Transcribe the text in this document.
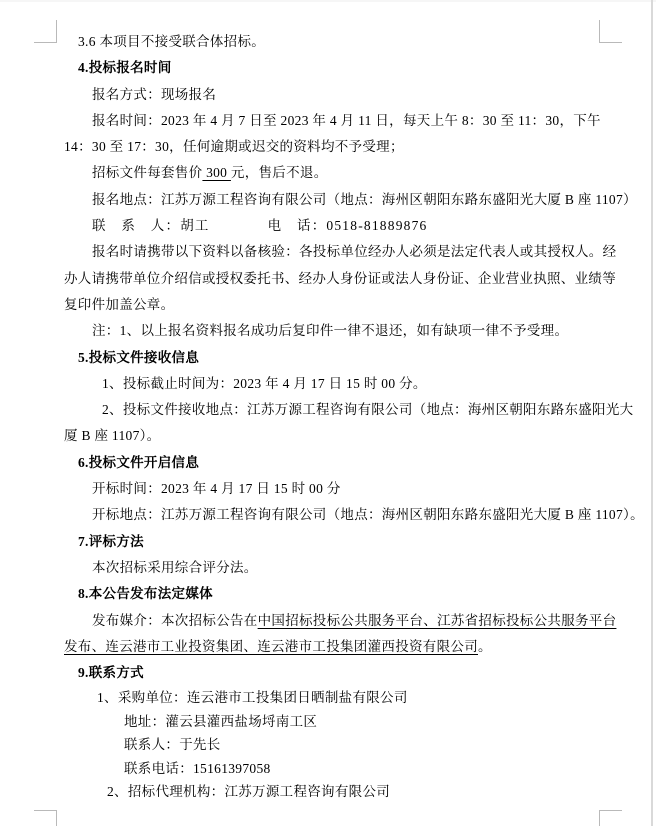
3.6 本项目不接受联合体招标。

4.投标报名时间

报名方式：现场报名

报名时间：2023 年 4 月 7 日至 2023 年 4 月 11 日，每天上午 8：30 至 11：30，下午

14：30 至 17：30，任何逾期或迟交的资料均不予受理；

招标文件每套售价 300 元，售后不退。

报名地点：江苏万源工程咨询有限公司（地点：海州区朝阳东路东盛阳光大厦 B 座 1107）

联　系　人：胡工	电　话：0518-81889876

报名时请携带以下资料以备核验：各投标单位经办人必须是法定代表人或其授权人。经

办人请携带单位介绍信或授权委托书、经办人身份证或法人身份证、企业营业执照、业绩等

复印件加盖公章。

注：1、以上报名资料报名成功后复印件一律不退还，如有缺项一律不予受理。

5.投标文件接收信息

1、投标截止时间为：2023 年 4 月 17 日 15 时 00 分。

2、投标文件接收地点：江苏万源工程咨询有限公司（地点：海州区朝阳东路东盛阳光大

厦 B 座 1107）。

6.投标文件开启信息

开标时间：2023 年 4 月 17 日 15 时 00 分

开标地点：江苏万源工程咨询有限公司（地点：海州区朝阳东路东盛阳光大厦 B 座 1107）。

7.评标方法

本次招标采用综合评分法。

8.本公告发布法定媒体

发布媒介：本次招标公告在中国招标投标公共服务平台、江苏省招标投标公共服务平台

发布、连云港市工业投资集团、连云港市工投集团灌西投资有限公司。

9.联系方式

1、采购单位：连云港市工投集团日晒制盐有限公司

地址：灌云县灌西盐场埒南工区

联系人：于先长

联系电话：15161397058

2、招标代理机构：江苏万源工程咨询有限公司
